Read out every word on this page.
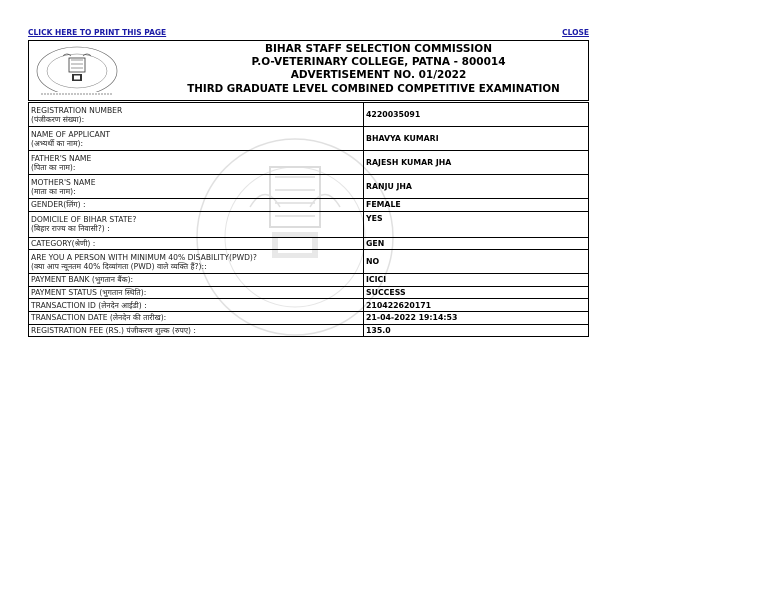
CLICK HERE TO PRINT THIS PAGE	CLOSE
BIHAR STAFF SELECTION COMMISSION
P.O-VETERINARY COLLEGE, PATNA - 800014
ADVERTISEMENT NO. 01/2022
THIRD GRADUATE LEVEL COMBINED COMPETITIVE EXAMINATION
REGISTRATION NUMBER
(पंजीकरण संख्या):	4220035091

NAME OF APPLICANT
(अभ्यर्थी का नाम):	BHAVYA KUMARI

FATHER'S NAME
(पिता का नाम):	RAJESH KUMAR JHA

MOTHER'S NAME
(माता का नाम):	RANJU JHA
GENDER(लिंग) :	FEMALE

DOMICILE OF BIHAR STATE?
(बिहार राज्य का निवासी?) :	YES
CATEGORY(श्रेणी) :	GEN

ARE YOU A PERSON WITH MINIMUM 40% DISABILITY(PWD)?
(क्या आप न्यूनतम 40% दिव्यांगता (PWD) वाले व्यक्ति हैं?)::	NO
PAYMENT BANK (भुगतान बैंक):	ICICI
PAYMENT STATUS (भुगतान स्थिति):	SUCCESS
TRANSACTION ID (लेनदेन आईडी) :	210422620171
TRANSACTION DATE (लेनदेन की तारीख):	21-04-2022 19:14:53
REGISTRATION FEE (RS.) पंजीकरण शुल्क (रुपए) :	135.0
